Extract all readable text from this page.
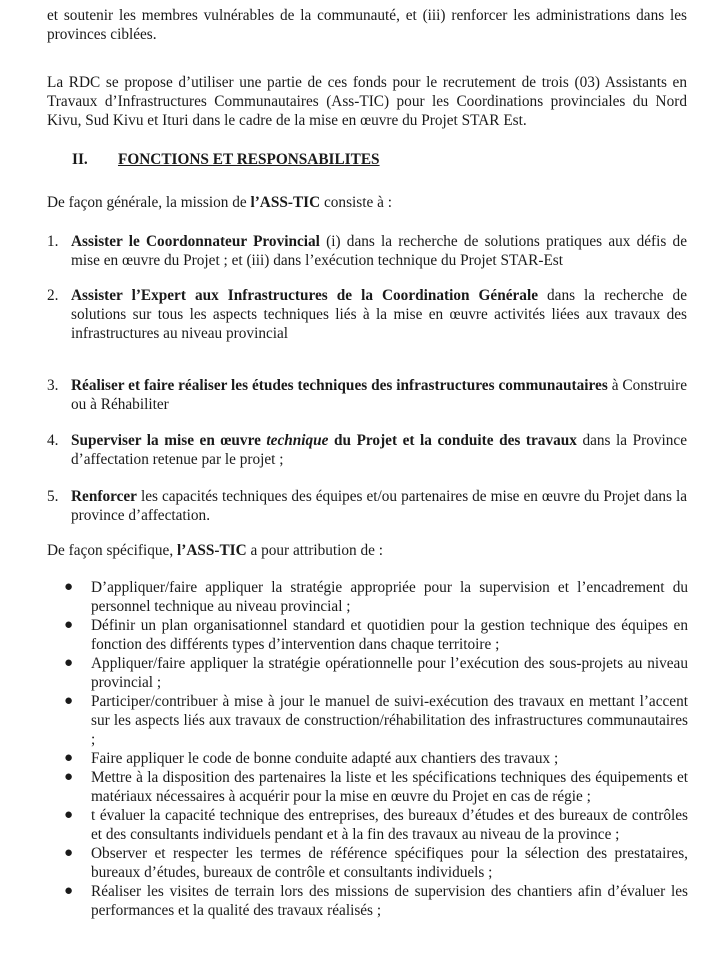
et soutenir les membres vulnérables de la communauté, et (iii) renforcer les administrations dans les provinces ciblées.
La RDC se propose d’utiliser une partie de ces fonds pour le recrutement de trois (03) Assistants en Travaux d’Infrastructures Communautaires (Ass-TIC) pour les Coordinations provinciales du Nord Kivu, Sud Kivu et Ituri dans le cadre de la mise en œuvre du Projet STAR Est.
II. FONCTIONS ET RESPONSABILITES
De façon générale, la mission de l’ASS-TIC consiste à :
1. Assister le Coordonnateur Provincial (i) dans la recherche de solutions pratiques aux défis de mise en œuvre du Projet ; et (iii) dans l’exécution technique du Projet STAR-Est
2. Assister l’Expert aux Infrastructures de la Coordination Générale dans la recherche de solutions sur tous les aspects techniques liés à la mise en œuvre activités liées aux travaux des infrastructures au niveau provincial
3. Réaliser et faire réaliser les études techniques des infrastructures communautaires à Construire ou à Réhabiliter
4. Superviser la mise en œuvre technique du Projet et la conduite des travaux dans la Province d’affectation retenue par le projet ;
5. Renforcer les capacités techniques des équipes et/ou partenaires de mise en œuvre du Projet dans la province d’affectation.
De façon spécifique, l’ASS-TIC a pour attribution de :
● D’appliquer/faire appliquer la stratégie appropriée pour la supervision et l’encadrement du personnel technique au niveau provincial ;
● Définir un plan organisationnel standard et quotidien pour la gestion technique des équipes en fonction des différents types d’intervention dans chaque territoire ;
● Appliquer/faire appliquer la stratégie opérationnelle pour l’exécution des sous-projets au niveau provincial ;
● Participer/contribuer à mise à jour le manuel de suivi-exécution des travaux en mettant l’accent sur les aspects liés aux travaux de construction/réhabilitation des infrastructures communautaires ;
● Faire appliquer le code de bonne conduite adapté aux chantiers des travaux ;
● Mettre à la disposition des partenaires la liste et les spécifications techniques des équipements et matériaux nécessaires à acquérir pour la mise en œuvre du Projet en cas de régie ;
● t évaluer la capacité technique des entreprises, des bureaux d’études et des bureaux de contrôles et des consultants individuels pendant et à la fin des travaux au niveau de la province ;
● Observer et respecter les termes de référence spécifiques pour la sélection des prestataires, bureaux d’études, bureaux de contrôle et consultants individuels ;
● Réaliser les visites de terrain lors des missions de supervision des chantiers afin d’évaluer les performances et la qualité des travaux réalisés ;
